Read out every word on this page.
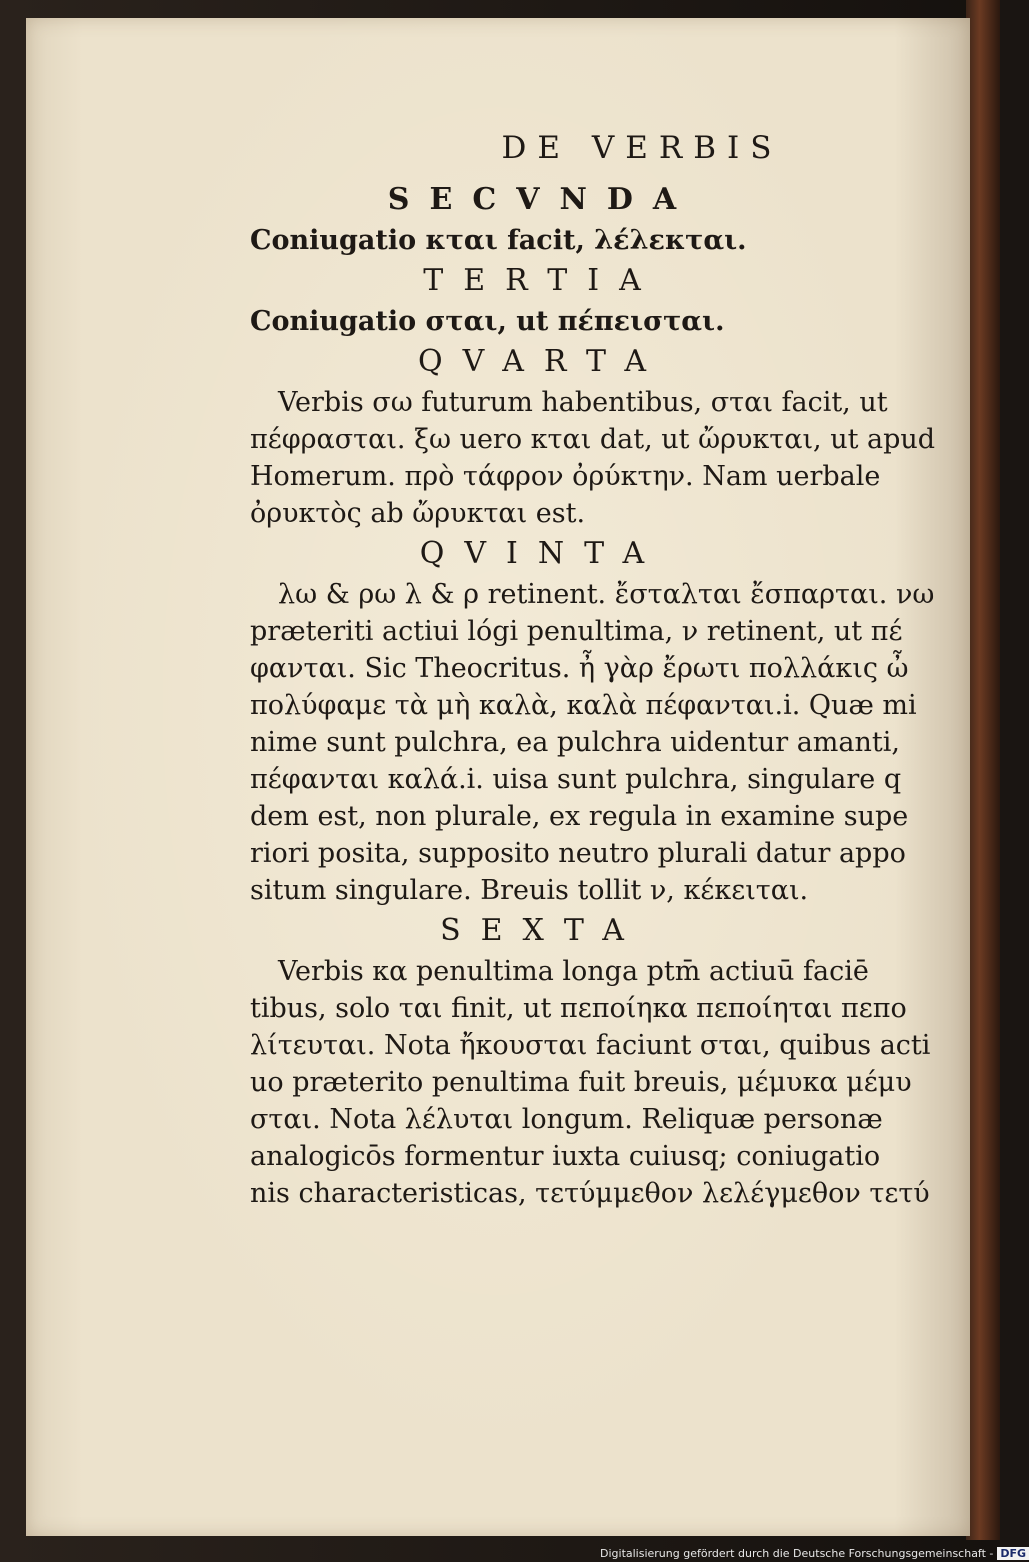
DE VERBIS
SECVNDA
Coniugatio κται facit, λέλεκται.
TERTIA
Coniugatio σται, ut πέπεισται.
QVARTA
Verbis σω futurum habentibus, σται facit, ut
πέφρασται. ξω uero κται dat, ut ὤρυκται, ut apud
Homerum. πρὸ τάφρον ὀρύκτην. Nam uerbale
ὀρυκτὸς ab ὤρυκται est.
QVINTA
λω & ρω λ & ρ retinent. ἔσταλται ἔσπαρται. νω
præteriti actiui lógi penultima, ν retinent, ut πέ
φανται. Sic Theocritus. ἦ γὰρ ἔρωτι πολλάκις ὦ
πολύφαμε τὰ μὴ καλὰ, καλὰ πέφανται.i. Quæ mi
nime sunt pulchra, ea pulchra uidentur amanti,
πέφανται καλά.i. uisa sunt pulchra, singulare q
dem est, non plurale, ex regula in examine supe
riori posita, supposito neutro plurali datur appo
situm singulare. Breuis tollit ν, κέκειται.
SEXTA
Verbis κα penultima longa ptm̄ actiuū faciē
tibus, solo ται finit, ut πεποίηκα πεποίηται πεπο
λίτευται. Nota ἤκουσται faciunt σται, quibus acti
uo præterito penultima fuit breuis, μέμυκα μέμυ
σται. Nota λέλυται longum. Reliquæ personæ
analogicōs formentur iuxta cuiusq; coniugatio
nis characteristicas, τετύμμεθον λελέγμεθον τετύ
Digitalisierung gefördert durch die Deutsche Forschungsgemeinschaft - DFG
